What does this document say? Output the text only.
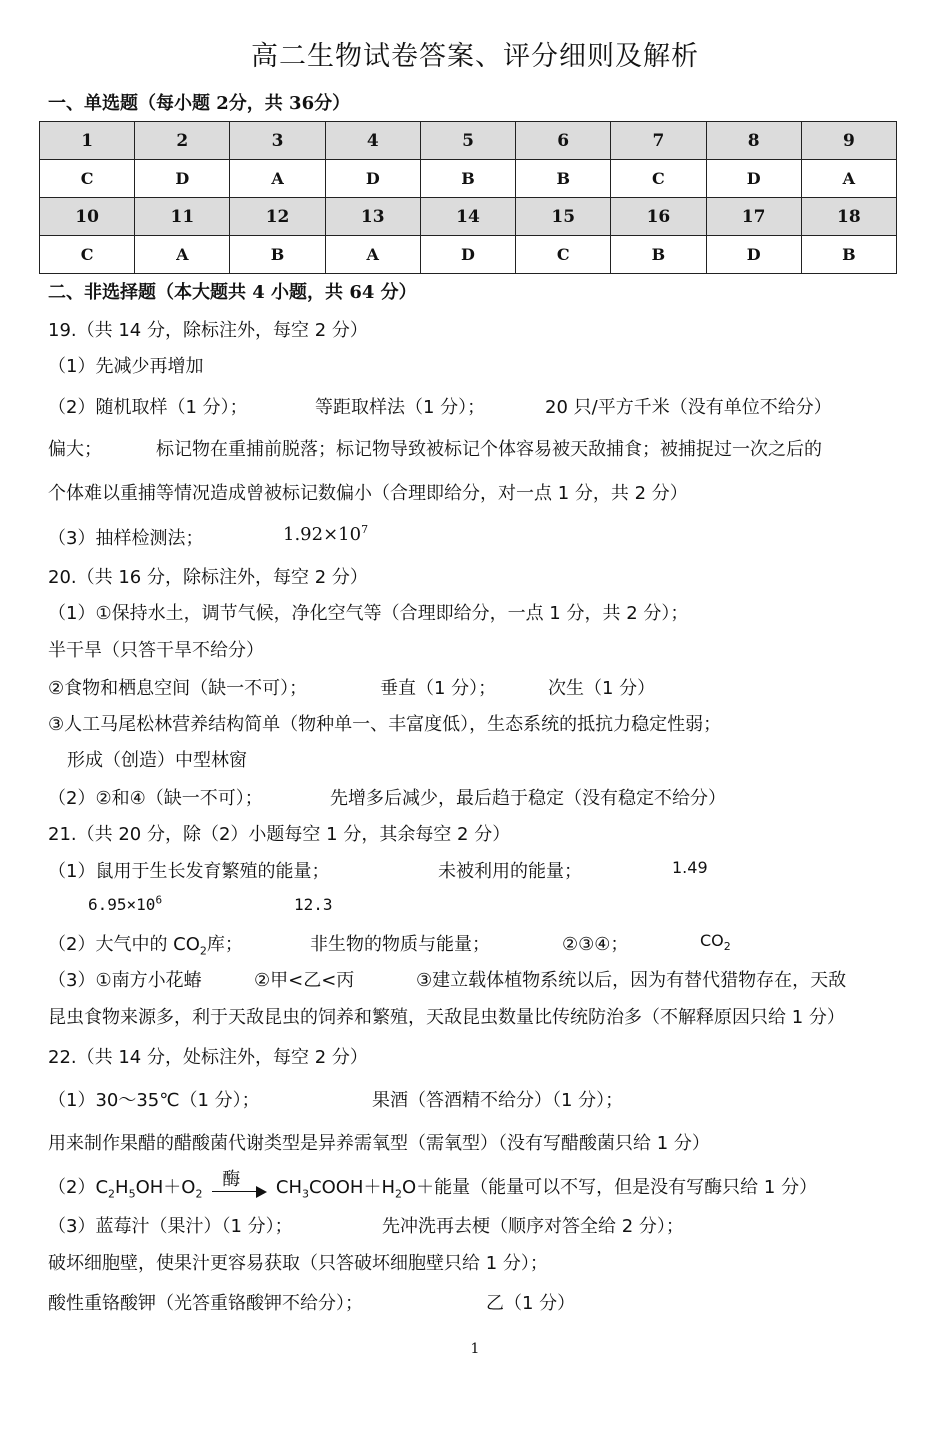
高二生物试卷答案、评分细则及解析
一、单选题（每小题 2分，共 36分）
1	2	3	4	5	6	7	8	9
C	D	A	D	B	B	C	D	A
10	11	12	13	14	15	16	17	18
C	A	B	A	D	C	B	D	B
二、非选择题（本大题共 4 小题，共 64 分）
19.（共 14 分，除标注外，每空 2 分）
（1）先减少再增加
（2）随机取样（1 分）；	等距取样法（1 分）；	20 只/平方千米（没有单位不给分）
偏大；	标记物在重捕前脱落；标记物导致被标记个体容易被天敌捕食；被捕捉过一次之后的
个体难以重捕等情况造成曾被标记数偏小（合理即给分，对一点 1 分，共 2 分）
（3）抽样检测法；	$1.92\times 10^7$
20.（共 16 分，除标注外，每空 2 分）
（1）①保持水土，调节气候，净化空气等（合理即给分，一点 1 分，共 2 分）；
半干旱（只答干旱不给分）
②食物和栖息空间（缺一不可）；	垂直（1 分）；	次生（1 分）
③人工马尾松林营养结构简单（物种单一、丰富度低），生态系统的抵抗力稳定性弱；
形成（创造）中型林窗
（2）②和④（缺一不可）；	先增多后减少，最后趋于稳定（没有稳定不给分）
21.（共 20 分，除（2）小题每空 1 分，其余每空 2 分）
（1）鼠用于生长发育繁殖的能量；	未被利用的能量；	1.49
$6.95\times 10^6$	12.3
（2）大气中的 $CO_2$库；	非生物的物质与能量；	②③④；	$CO_2$
（3）①南方小花蝽	②甲<乙<丙	③建立载体植物系统以后，因为有替代猎物存在，天敌
昆虫食物来源多，利于天敌昆虫的饲养和繁殖，天敌昆虫数量比传统防治多（不解释原因只给 1 分）
22.（共 14 分，处标注外，每空 2 分）
（1）30～35℃（1 分）；	果酒（答酒精不给分）（1 分）；
用来制作果醋的醋酸菌代谢类型是异养需氧型（需氧型）（没有写醋酸菌只给 1 分）
$(2)C_2H_5OH+O_2$
酶 $CH_3COOH+H_2O+$能量（能量可以不写，但是没有写酶只给 1 分）
（3）蓝莓汁（果汁）（1 分）；	先冲洗再去梗（顺序对答全给 2 分）；
破坏细胞壁，使果汁更容易获取（只答破坏细胞壁只给 1 分）；
酸性重铬酸钾（光答重铬酸钾不给分）；	乙（1 分）
1
